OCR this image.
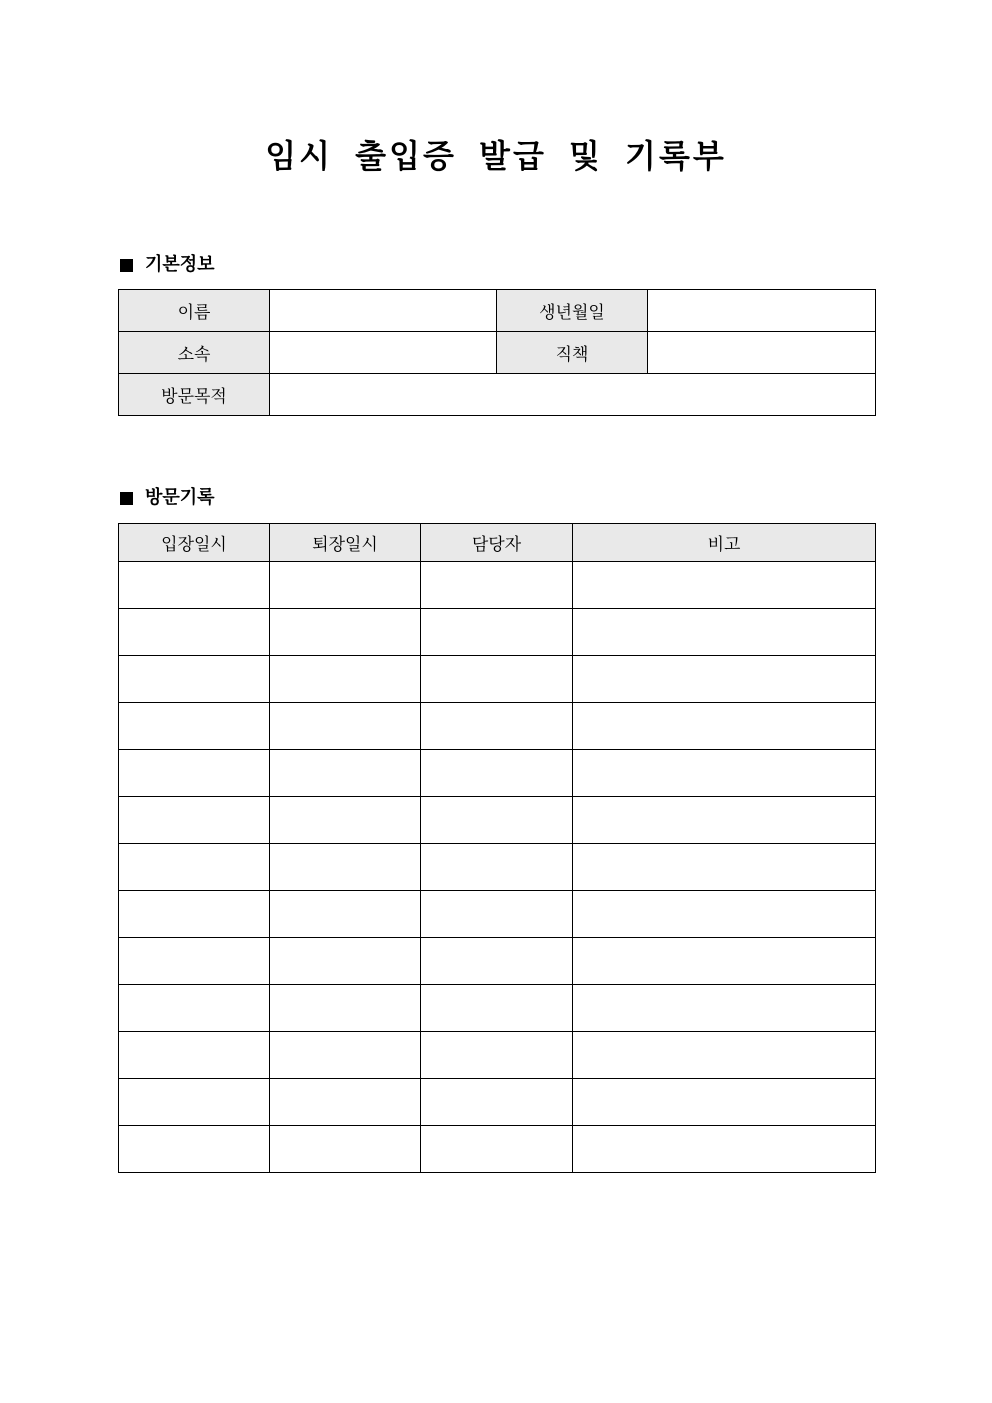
임시 출입증 발급 및 기록부
기본정보
이름		생년월일	
소속		직책	
방문목적			
방문기록
입장일시	퇴장일시	담당자	비고
